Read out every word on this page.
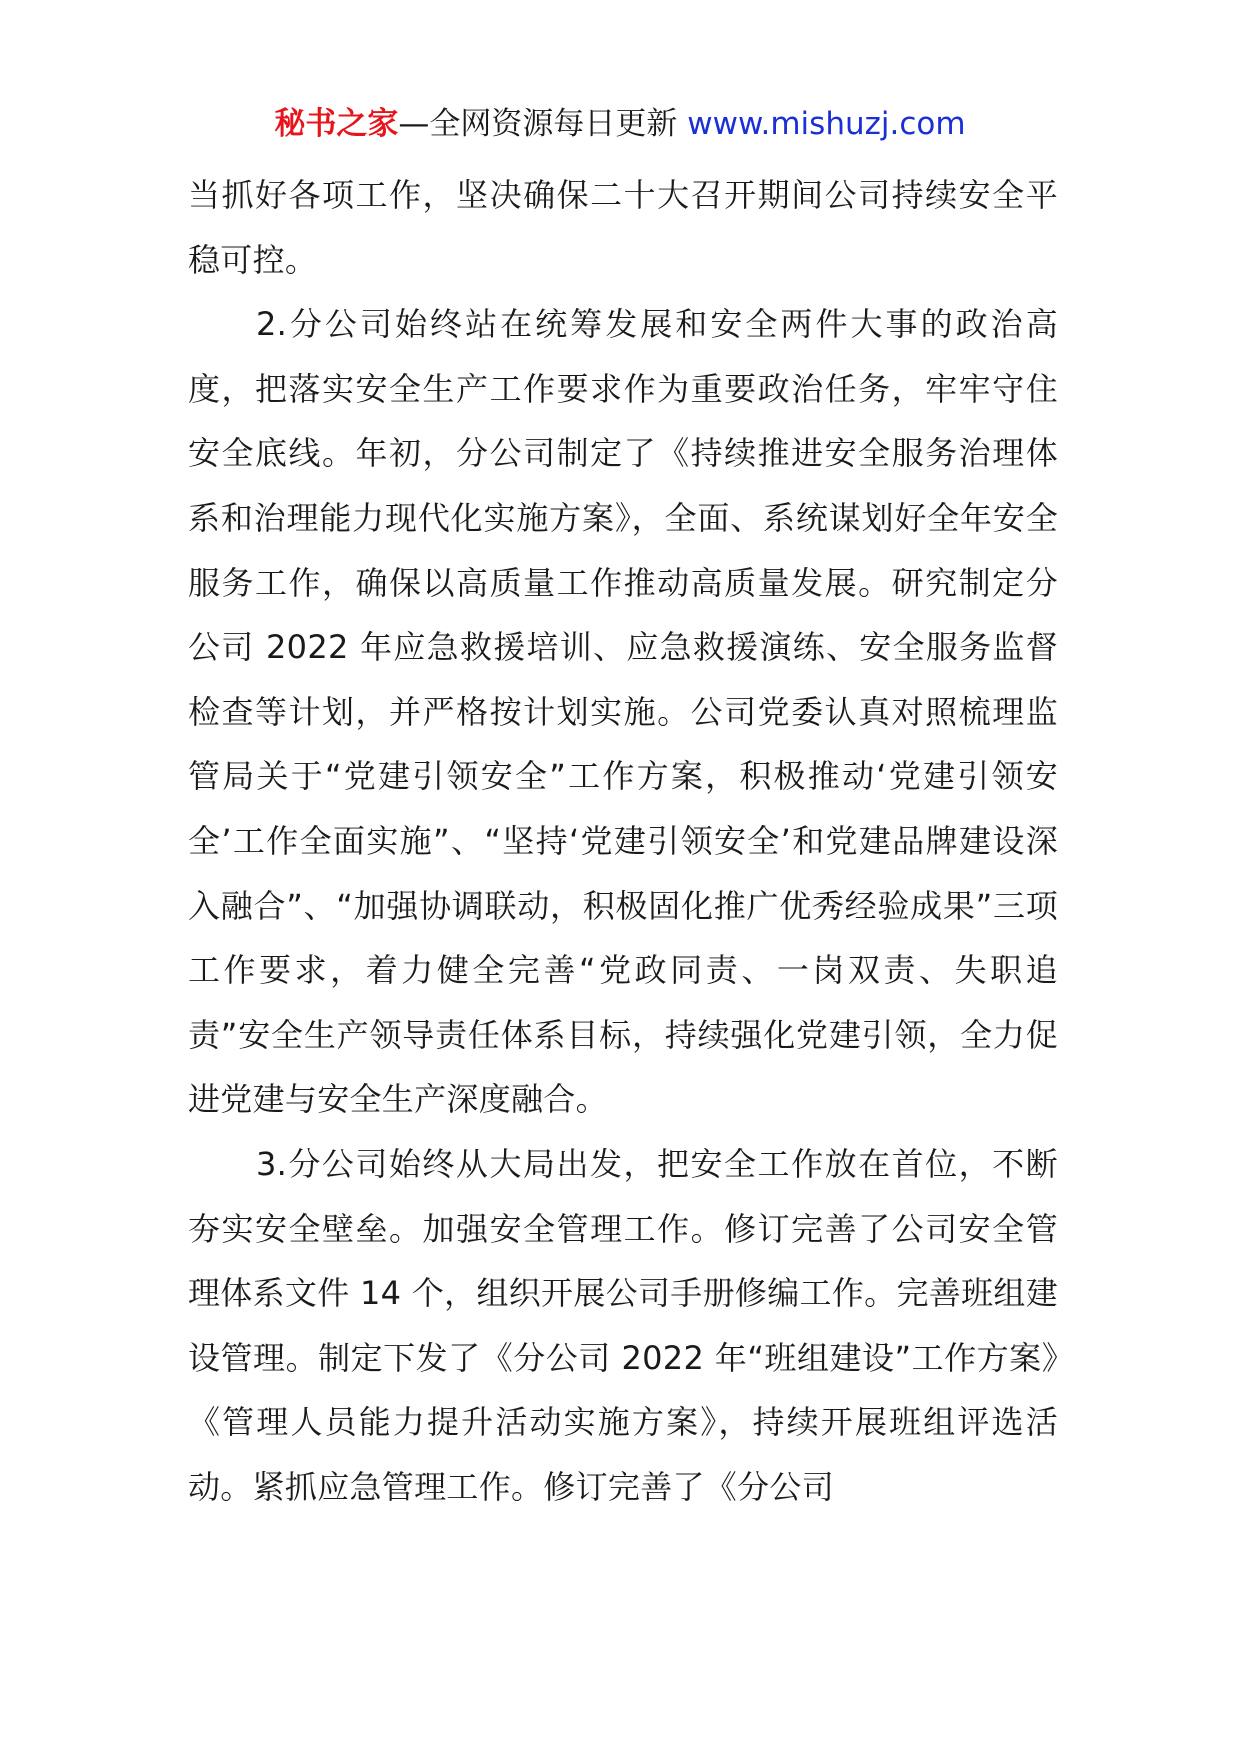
秘书之家—全网资源每日更新 www.mishuzj.com

当抓好各项工作，坚决确保二十大召开期间公司持续安全平稳可控。

2.分公司始终站在统筹发展和安全两件大事的政治高度，把落实安全生产工作要求作为重要政治任务，牢牢守住安全底线。年初，分公司制定了《持续推进安全服务治理体系和治理能力现代化实施方案》，全面、系统谋划好全年安全服务工作，确保以高质量工作推动高质量发展。研究制定分公司 2022 年应急救援培训、应急救援演练、安全服务监督检查等计划，并严格按计划实施。公司党委认真对照梳理监管局关于“党建引领安全”工作方案，积极推动‘党建引领安全’工作全面实施”、“坚持‘党建引领安全’和党建品牌建设深入融合”、“加强协调联动，积极固化推广优秀经验成果”三项工作要求，着力健全完善“党政同责、一岗双责、失职追责”安全生产领导责任体系目标，持续强化党建引领，全力促进党建与安全生产深度融合。

3.分公司始终从大局出发，把安全工作放在首位，不断夯实安全壁垒。加强安全管理工作。修订完善了公司安全管理体系文件 14 个，组织开展公司手册修编工作。完善班组建设管理。制定下发了《分公司 2022 年“班组建设”工作方案》《管理人员能力提升活动实施方案》，持续开展班组评选活动。紧抓应急管理工作。修订完善了《分公司
